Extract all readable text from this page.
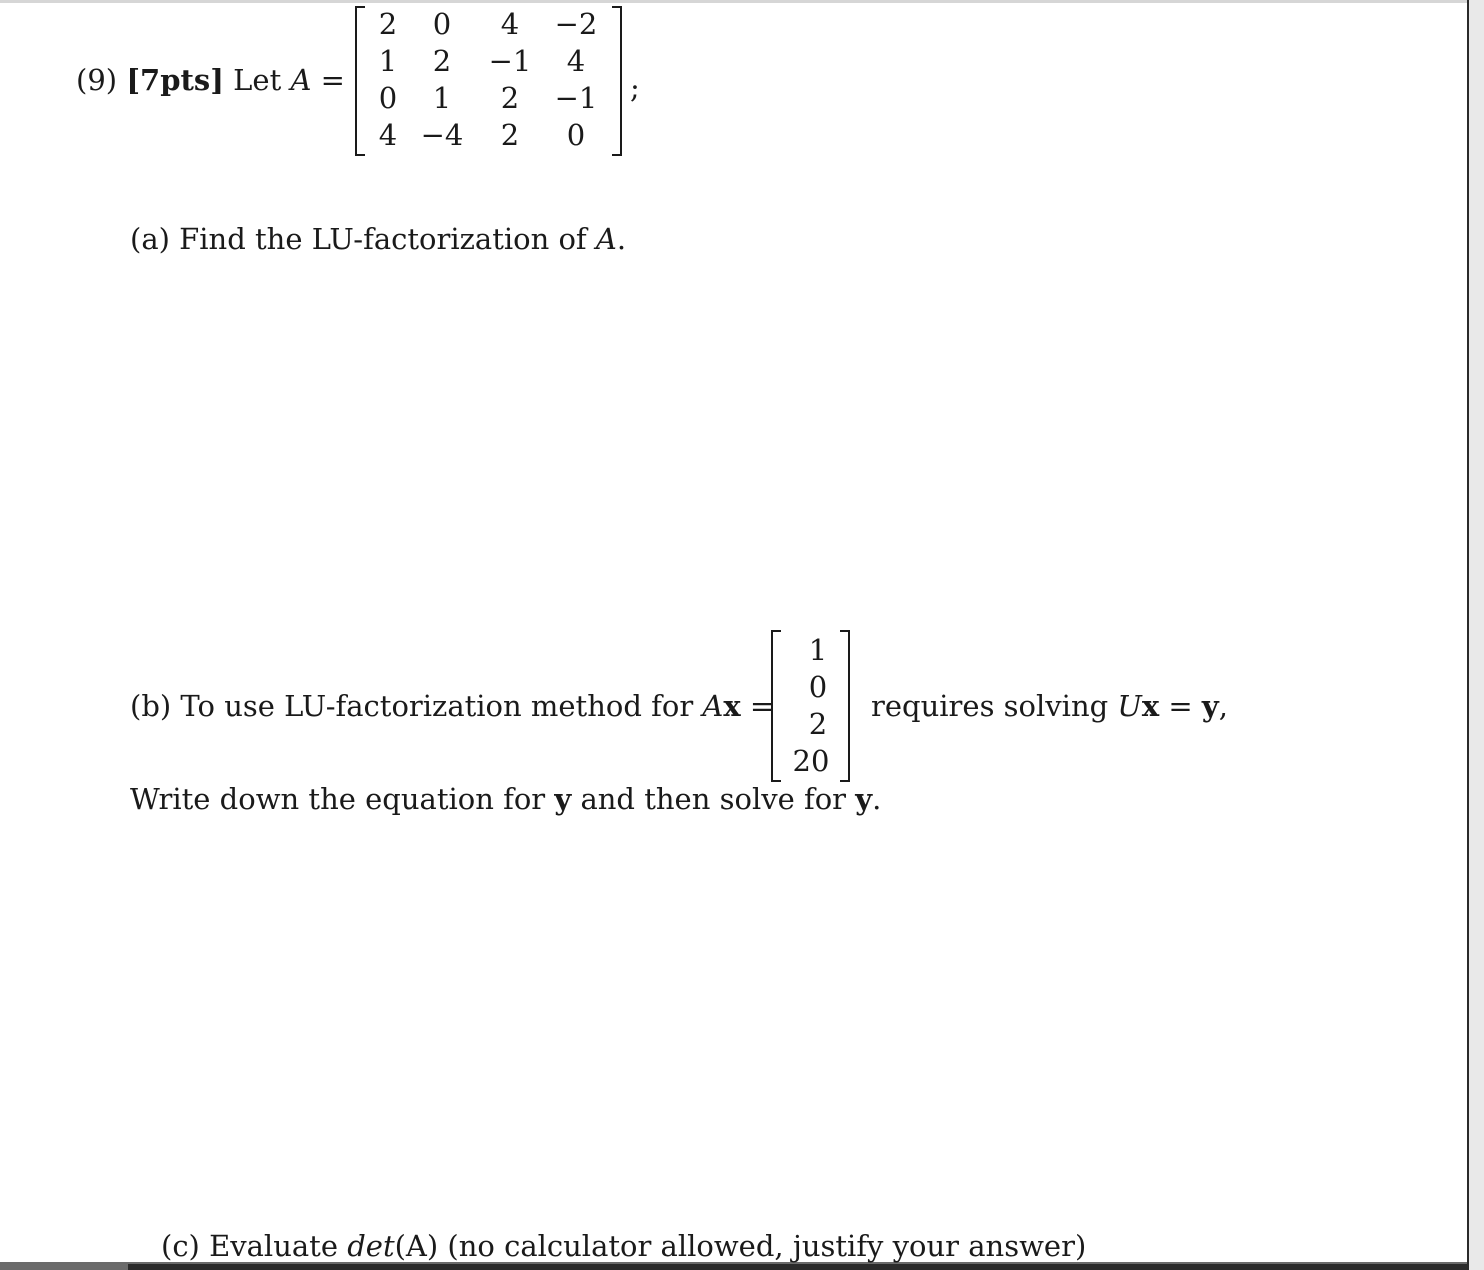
(9) [7pts] Let A =
2	0	4	−2
1	2	−1	4
0	1	2	−1
4 −4	2	0
;
(a) Find the LU-factorization of A.
(b) To use LU-factorization method for Ax =
1
0
2
20
requires solving Ux = y,
Write down the equation for y and then solve for y.
(c) Evaluate det(A) (no calculator allowed, justify your answer)
